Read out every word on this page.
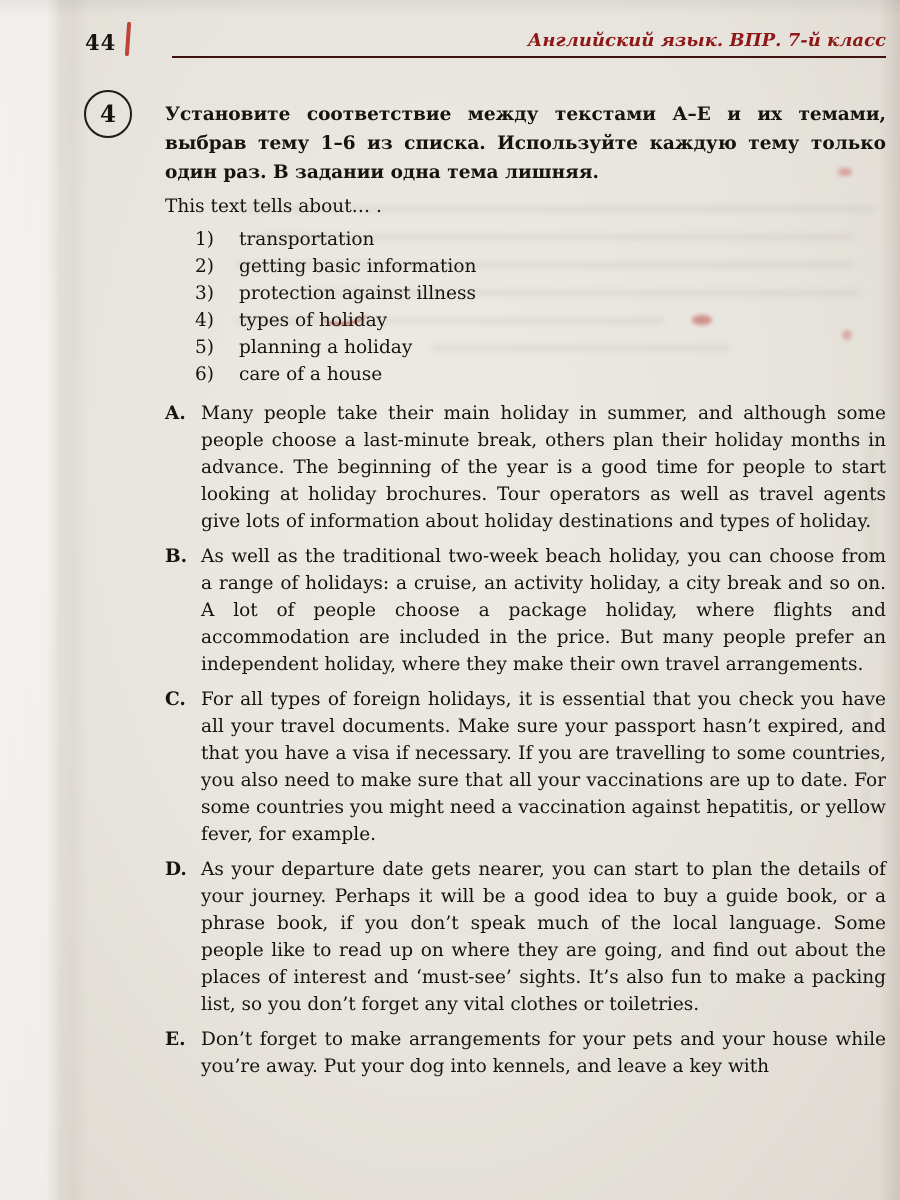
44	Английский язык. ВПР. 7-й класс
4	Установите соответствие между текстами А–Е и их темами, выбрав тему 1–6 из списка. Используйте каждую тему только один раз. В задании одна тема лишняя.

This text tells about… .

1)	transportation
2)	getting basic information
3)	protection against illness
4)	types of holiday
5)	planning a holiday
6)	care of a house
A. Many people take their main holiday in summer, and although some people choose a last-minute break, others plan their holiday months in advance. The beginning of the year is a good time for people to start looking at holiday brochures. Tour operators as well as travel agents give lots of information about holiday destinations and types of holiday.

B. As well as the traditional two-week beach holiday, you can choose from a range of holidays: a cruise, an activity holiday, a city break and so on. A lot of people choose a package holiday, where flights and accommodation are included in the price. But many people prefer an independent holiday, where they make their own travel arrangements.

C. For all types of foreign holidays, it is essential that you check you have all your travel documents. Make sure your passport hasn’t expired, and that you have a visa if necessary. If you are travelling to some countries, you also need to make sure that all your vaccinations are up to date. For some countries you might need a vaccination against hepatitis, or yellow fever, for example.

D. As your departure date gets nearer, you can start to plan the details of your journey. Perhaps it will be a good idea to buy a guide book, or a phrase book, if you don’t speak much of the local language. Some people like to read up on where they are going, and find out about the places of interest and ‘must-see’ sights. It’s also fun to make a packing list, so you don’t forget any vital clothes or toiletries.

E. Don’t forget to make arrangements for your pets and your house while you’re away. Put your dog into kennels, and leave a key with
